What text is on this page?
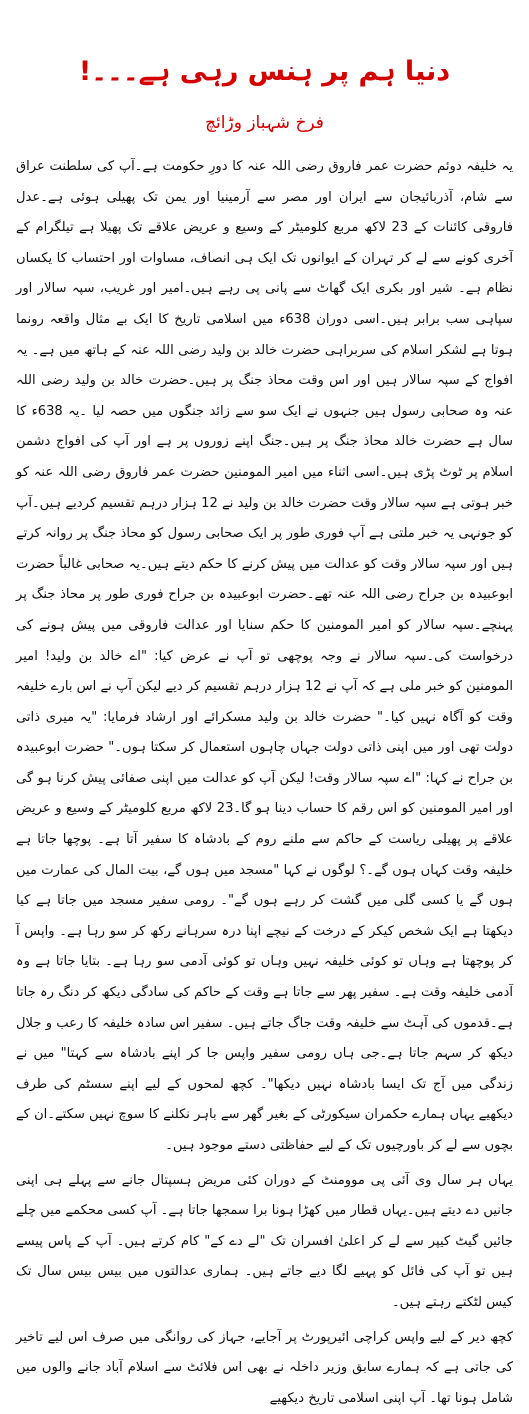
دنیا ہم پر ہنس رہی ہے۔۔۔!
فرخ شہباز وڑائچ

یہ خلیفہ دوئم حضرت عمر فاروق رضی اللہ عنہ کا دورِ حکومت ہے۔آپ کی سلطنت عراق سے شام، آذربائیجان سے ایران اور مصر سے آرمینیا اور یمن تک پھیلی ہوئی ہے۔عدل فاروقی کائنات کے 23 لاکھ مربع کلومیٹر کے وسیع و عریض علاقے تک پھیلا ہے تیلگرام کے آخری کونے سے لے کر تہران کے ایوانوں تک ایک ہی انصاف، مساوات اور احتساب کا یکساں نظام ہے۔ شیر اور بکری ایک گھاٹ سے پانی پی رہے ہیں۔امیر اور غریب، سپہ سالار اور سپاہی سب برابر ہیں۔اسی دوران 638ء میں اسلامی تاریخ کا ایک بے مثال واقعہ رونما ہوتا ہے لشکر اسلام کی سربراہی حضرت خالد بن ولید رضی اللہ عنہ کے ہاتھ میں ہے۔ یہ افواج کے سپہ سالار ہیں اور اس وقت محاذ جنگ پر ہیں۔حضرت خالد بن ولید رضی اللہ عنہ وہ صحابی رسول ہیں جنہوں نے ایک سو سے زائد جنگوں میں حصہ لیا ۔یہ 638ء کا سال ہے حضرت خالد محاذ جنگ پر ہیں۔جنگ اپنے زوروں پر ہے اور آپ کی افواج دشمن اسلام پر ٹوٹ پڑی ہیں۔اسی اثناء میں امیر المومنین حضرت عمر فاروق رضی اللہ عنہ کو خبر ہوتی ہے سپہ سالار وقت حضرت خالد بن ولید نے 12 ہزار درہم تقسیم کردیے ہیں۔آپ کو جونہی یہ خبر ملتی ہے آپ فوری طور پر ایک صحابی رسول کو محاذ جنگ پر روانہ کرتے ہیں اور سپہ سالار وقت کو عدالت میں پیش کرنے کا حکم دیتے ہیں۔یہ صحابی غالباً حضرت ابوعبیدہ بن جراح رضی اللہ عنہ تھے۔حضرت ابوعبیدہ بن جراح فوری طور پر محاذ جنگ پر پہنچے۔سپہ سالار کو امیر المومنین کا حکم سنایا اور عدالت فاروقی میں پیش ہونے کی درخواست کی۔سپہ سالار نے وجہ پوچھی تو آپ نے عرض کیا: "اے خالد بن ولید! امیر المومنین کو خبر ملی ہے کہ آپ نے 12 ہزار درہم تقسیم کر دیے لیکن آپ نے اس بارے خلیفہ وقت کو آگاہ نہیں کیا۔" حضرت خالد بن ولید مسکرائے اور ارشاد فرمایا: "یہ میری ذاتی دولت تھی اور میں اپنی ذاتی دولت جہاں چاہوں استعمال کر سکتا ہوں۔" حضرت ابوعبیدہ بن جراح نے کہا: "اے سپہ سالار وقت! لیکن آپ کو عدالت میں اپنی صفائی پیش کرنا ہو گی اور امیر المومنین کو اس رقم کا حساب دینا ہو گا۔23 لاکھ مربع کلومیٹر کے وسیع و عریض علاقے پر پھیلی ریاست کے حاکم سے ملنے روم کے بادشاہ کا سفیر آتا ہے۔ پوچھا جاتا ہے خلیفہ وقت کہاں ہوں گے۔؟ لوگوں نے کہا "مسجد میں ہوں گے، بیت المال کی عمارت میں ہوں گے یا کسی گلی میں گشت کر رہے ہوں گے"۔ رومی سفیر مسجد میں جاتا ہے کیا دیکھتا ہے ایک شخص کیکر کے درخت کے نیچے اپنا درہ سرہانے رکھ کر سو رہا ہے۔ واپس آ کر پوچھتا ہے وہاں تو کوئی خلیفہ نہیں وہاں تو کوئی آدمی سو رہا ہے۔ بتایا جاتا ہے وہ آدمی خلیفہ وقت ہے۔ سفیر پھر سے جاتا ہے وقت کے حاکم کی سادگی دیکھ کر دنگ رہ جاتا ہے۔قدموں کی آہٹ سے خلیفہ وقت جاگ جاتے ہیں۔ سفیر اس سادہ خلیفہ کا رعب و جلال دیکھ کر سہم جاتا ہے۔جی ہاں رومی سفیر واپس جا کر اپنے بادشاہ سے کہتا" میں نے زندگی میں آج تک ایسا بادشاہ نہیں دیکھا"۔ کچھ لمحوں کے لیے اپنے سسٹم کی طرف دیکھیے یہاں ہمارے حکمران سیکورٹی کے بغیر گھر سے باہر نکلنے کا سوچ نہیں سکتے۔ان کے بچوں سے لے کر باورچیوں تک کے لیے حفاظتی دستے موجود ہیں۔

یہاں ہر سال وی آئی پی موومنٹ کے دوران کئی مریض ہسپتال جانے سے پہلے ہی اپنی جانیں دے دیتے ہیں۔یہاں قطار میں کھڑا ہونا برا سمجھا جاتا ہے۔ آپ کسی محکمے میں چلے جائیں گیٹ کیپر سے لے کر اعلیٰ افسران تک "لے دے کے" کام کرتے ہیں۔ آپ کے پاس پیسے ہیں تو آپ کی فائل کو پہیے لگا دیے جاتے ہیں۔ ہماری عدالتوں میں بیس بیس سال تک کیس لٹکتے رہتے ہیں۔

کچھ دیر کے لیے واپس کراچی ائیرپورٹ پر آجایے، جہاز کی روانگی میں صرف اس لیے تاخیر کی جاتی ہے کہ ہمارے سابق وزیر داخلہ نے بھی اس فلائٹ سے اسلام آباد جانے والوں میں شامل ہونا تھا۔ آپ اپنی اسلامی تاریخ دیکھیے
